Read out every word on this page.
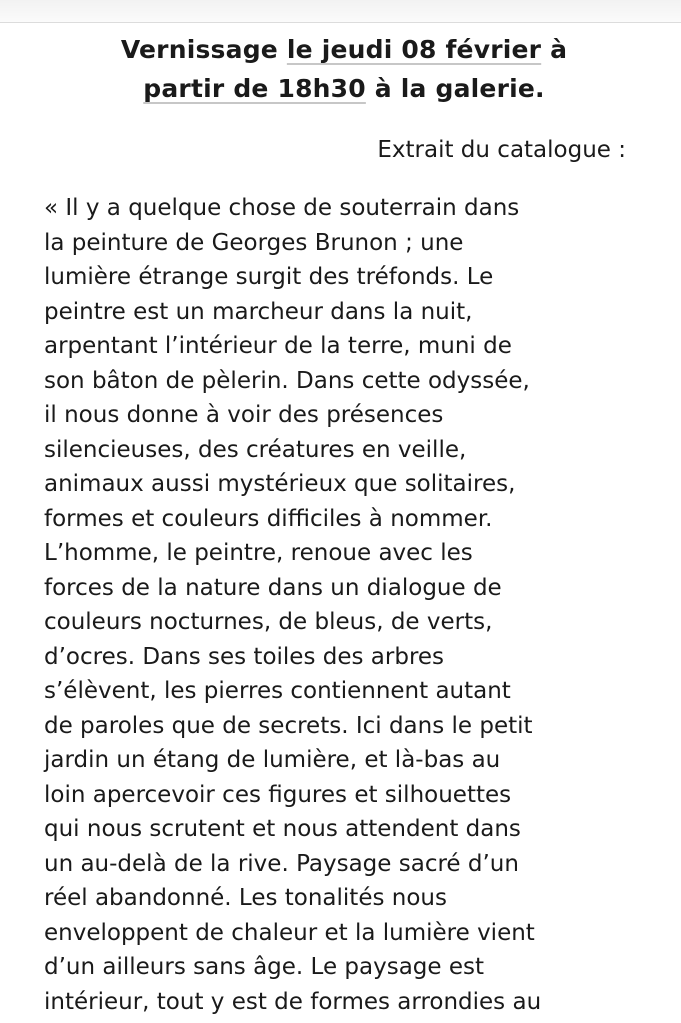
Vernissage le jeudi 08 février à
partir de 18h30 à la galerie.

Extrait du catalogue :

« Il y a quelque chose de souterrain dans
la peinture de Georges Brunon ; une
lumière étrange surgit des tréfonds. Le
peintre est un marcheur dans la nuit,
arpentant l’intérieur de la terre, muni de
son bâton de pèlerin. Dans cette odyssée,
il nous donne à voir des présences
silencieuses, des créatures en veille,
animaux aussi mystérieux que solitaires,
formes et couleurs difficiles à nommer.
L’homme, le peintre, renoue avec les
forces de la nature dans un dialogue de
couleurs nocturnes, de bleus, de verts,
d’ocres. Dans ses toiles des arbres
s’élèvent, les pierres contiennent autant
de paroles que de secrets. Ici dans le petit
jardin un étang de lumière, et là-bas au
loin apercevoir ces figures et silhouettes
qui nous scrutent et nous attendent dans
un au-delà de la rive. Paysage sacré d’un
réel abandonné. Les tonalités nous
enveloppent de chaleur et la lumière vient
d’un ailleurs sans âge. Le paysage est
intérieur, tout y est de formes arrondies au
